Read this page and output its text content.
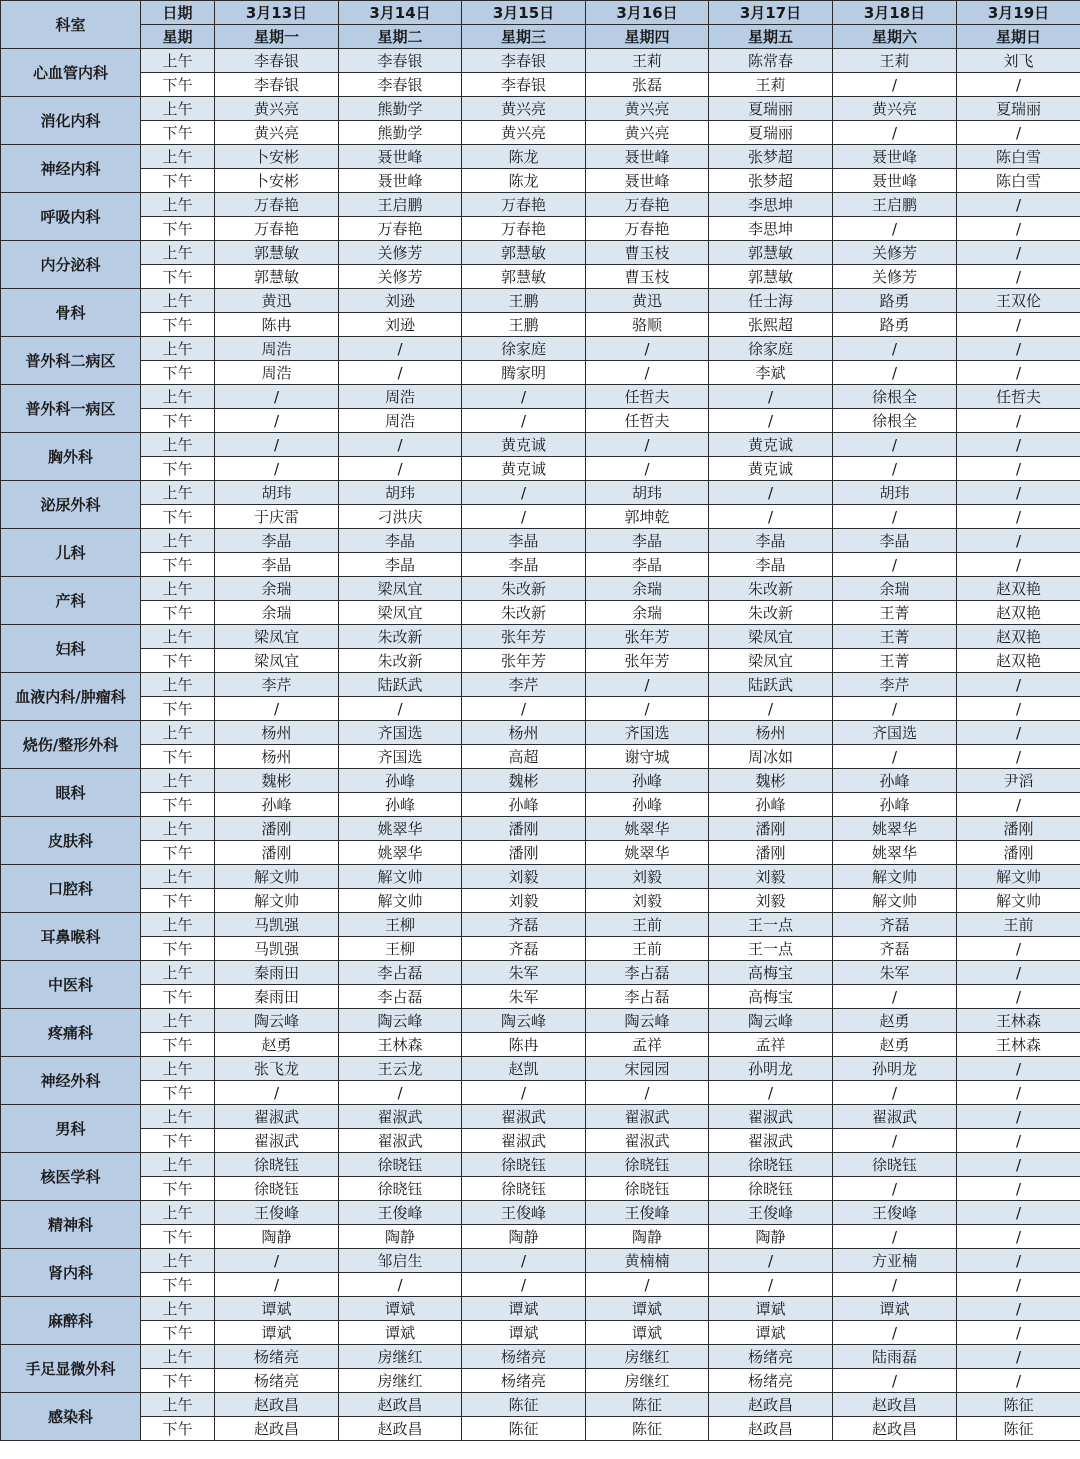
科室	日期	3月13日	3月14日	3月15日	3月16日	3月17日	3月18日	3月19日
	星期	星期一	星期二	星期三	星期四	星期五	星期六	星期日
心血管内科	上午	李春银	李春银	李春银	王莉	陈常春	王莉	刘飞
	下午	李春银	李春银	李春银	张磊	王莉	/	/
消化内科	上午	黄兴亮	熊勤学	黄兴亮	黄兴亮	夏瑞丽	黄兴亮	夏瑞丽
	下午	黄兴亮	熊勤学	黄兴亮	黄兴亮	夏瑞丽	/	/
神经内科	上午	卜安彬	聂世峰	陈龙	聂世峰	张梦超	聂世峰	陈白雪
	下午	卜安彬	聂世峰	陈龙	聂世峰	张梦超	聂世峰	陈白雪
呼吸内科	上午	万春艳	王启鹏	万春艳	万春艳	李思坤	王启鹏	/
	下午	万春艳	万春艳	万春艳	万春艳	李思坤	/	/
内分泌科	上午	郭慧敏	关修芳	郭慧敏	曹玉枝	郭慧敏	关修芳	/
	下午	郭慧敏	关修芳	郭慧敏	曹玉枝	郭慧敏	关修芳	/
骨科	上午	黄迅	刘逊	王鹏	黄迅	任士海	路勇	王双伦
	下午	陈冉	刘逊	王鹏	骆顺	张熙超	路勇	/
普外科二病区	上午	周浩	/	徐家庭	/	徐家庭	/	/
	下午	周浩	/	腾家明	/	李斌	/	/
普外科一病区	上午	/	周浩	/	任哲夫	/	徐根全	任哲夫
	下午	/	周浩	/	任哲夫	/	徐根全	/
胸外科	上午	/	/	黄克诚	/	黄克诚	/	/
	下午	/	/	黄克诚	/	黄克诚	/	/
泌尿外科	上午	胡玮	胡玮	/	胡玮	/	胡玮	/
	下午	于庆雷	刁洪庆	/	郭坤乾	/	/	/
儿科	上午	李晶	李晶	李晶	李晶	李晶	李晶	/
	下午	李晶	李晶	李晶	李晶	李晶	/	/
产科	上午	余瑞	梁凤宜	朱改新	余瑞	朱改新	余瑞	赵双艳
	下午	余瑞	梁凤宜	朱改新	余瑞	朱改新	王菁	赵双艳
妇科	上午	梁凤宜	朱改新	张年芳	张年芳	梁凤宜	王菁	赵双艳
	下午	梁凤宜	朱改新	张年芳	张年芳	梁凤宜	王菁	赵双艳
血液内科/肿瘤科	上午	李芹	陆跃武	李芹	/	陆跃武	李芹	/
	下午	/	/	/	/	/	/	/
烧伤/整形外科	上午	杨州	齐国选	杨州	齐国选	杨州	齐国选	/
	下午	杨州	齐国选	高超	谢守城	周冰如	/	/
眼科	上午	魏彬	孙峰	魏彬	孙峰	魏彬	孙峰	尹滔
	下午	孙峰	孙峰	孙峰	孙峰	孙峰	孙峰	/
皮肤科	上午	潘刚	姚翠华	潘刚	姚翠华	潘刚	姚翠华	潘刚
	下午	潘刚	姚翠华	潘刚	姚翠华	潘刚	姚翠华	潘刚
口腔科	上午	解文帅	解文帅	刘毅	刘毅	刘毅	解文帅	解文帅
	下午	解文帅	解文帅	刘毅	刘毅	刘毅	解文帅	解文帅
耳鼻喉科	上午	马凯强	王柳	齐磊	王前	王一点	齐磊	王前
	下午	马凯强	王柳	齐磊	王前	王一点	齐磊	/
中医科	上午	秦雨田	李占磊	朱军	李占磊	高梅宝	朱军	/
	下午	秦雨田	李占磊	朱军	李占磊	高梅宝	/	/
疼痛科	上午	陶云峰	陶云峰	陶云峰	陶云峰	陶云峰	赵勇	王林森
	下午	赵勇	王林森	陈冉	孟祥	孟祥	赵勇	王林森
神经外科	上午	张飞龙	王云龙	赵凯	宋园园	孙明龙	孙明龙	/
	下午	/	/	/	/	/	/	/
男科	上午	翟淑武	翟淑武	翟淑武	翟淑武	翟淑武	翟淑武	/
	下午	翟淑武	翟淑武	翟淑武	翟淑武	翟淑武	/	/
核医学科	上午	徐晓钰	徐晓钰	徐晓钰	徐晓钰	徐晓钰	徐晓钰	/
	下午	徐晓钰	徐晓钰	徐晓钰	徐晓钰	徐晓钰	/	/
精神科	上午	王俊峰	王俊峰	王俊峰	王俊峰	王俊峰	王俊峰	/
	下午	陶静	陶静	陶静	陶静	陶静	/	/
肾内科	上午	/	邹启生	/	黄楠楠	/	方亚楠	/
	下午	/	/	/	/	/	/	/
麻醉科	上午	谭斌	谭斌	谭斌	谭斌	谭斌	谭斌	/
	下午	谭斌	谭斌	谭斌	谭斌	谭斌	/	/
手足显微外科	上午	杨绪亮	房继红	杨绪亮	房继红	杨绪亮	陆雨磊	/
	下午	杨绪亮	房继红	杨绪亮	房继红	杨绪亮	/	/
感染科	上午	赵政昌	赵政昌	陈征	陈征	赵政昌	赵政昌	陈征
	下午	赵政昌	赵政昌	陈征	陈征	赵政昌	赵政昌	陈征
